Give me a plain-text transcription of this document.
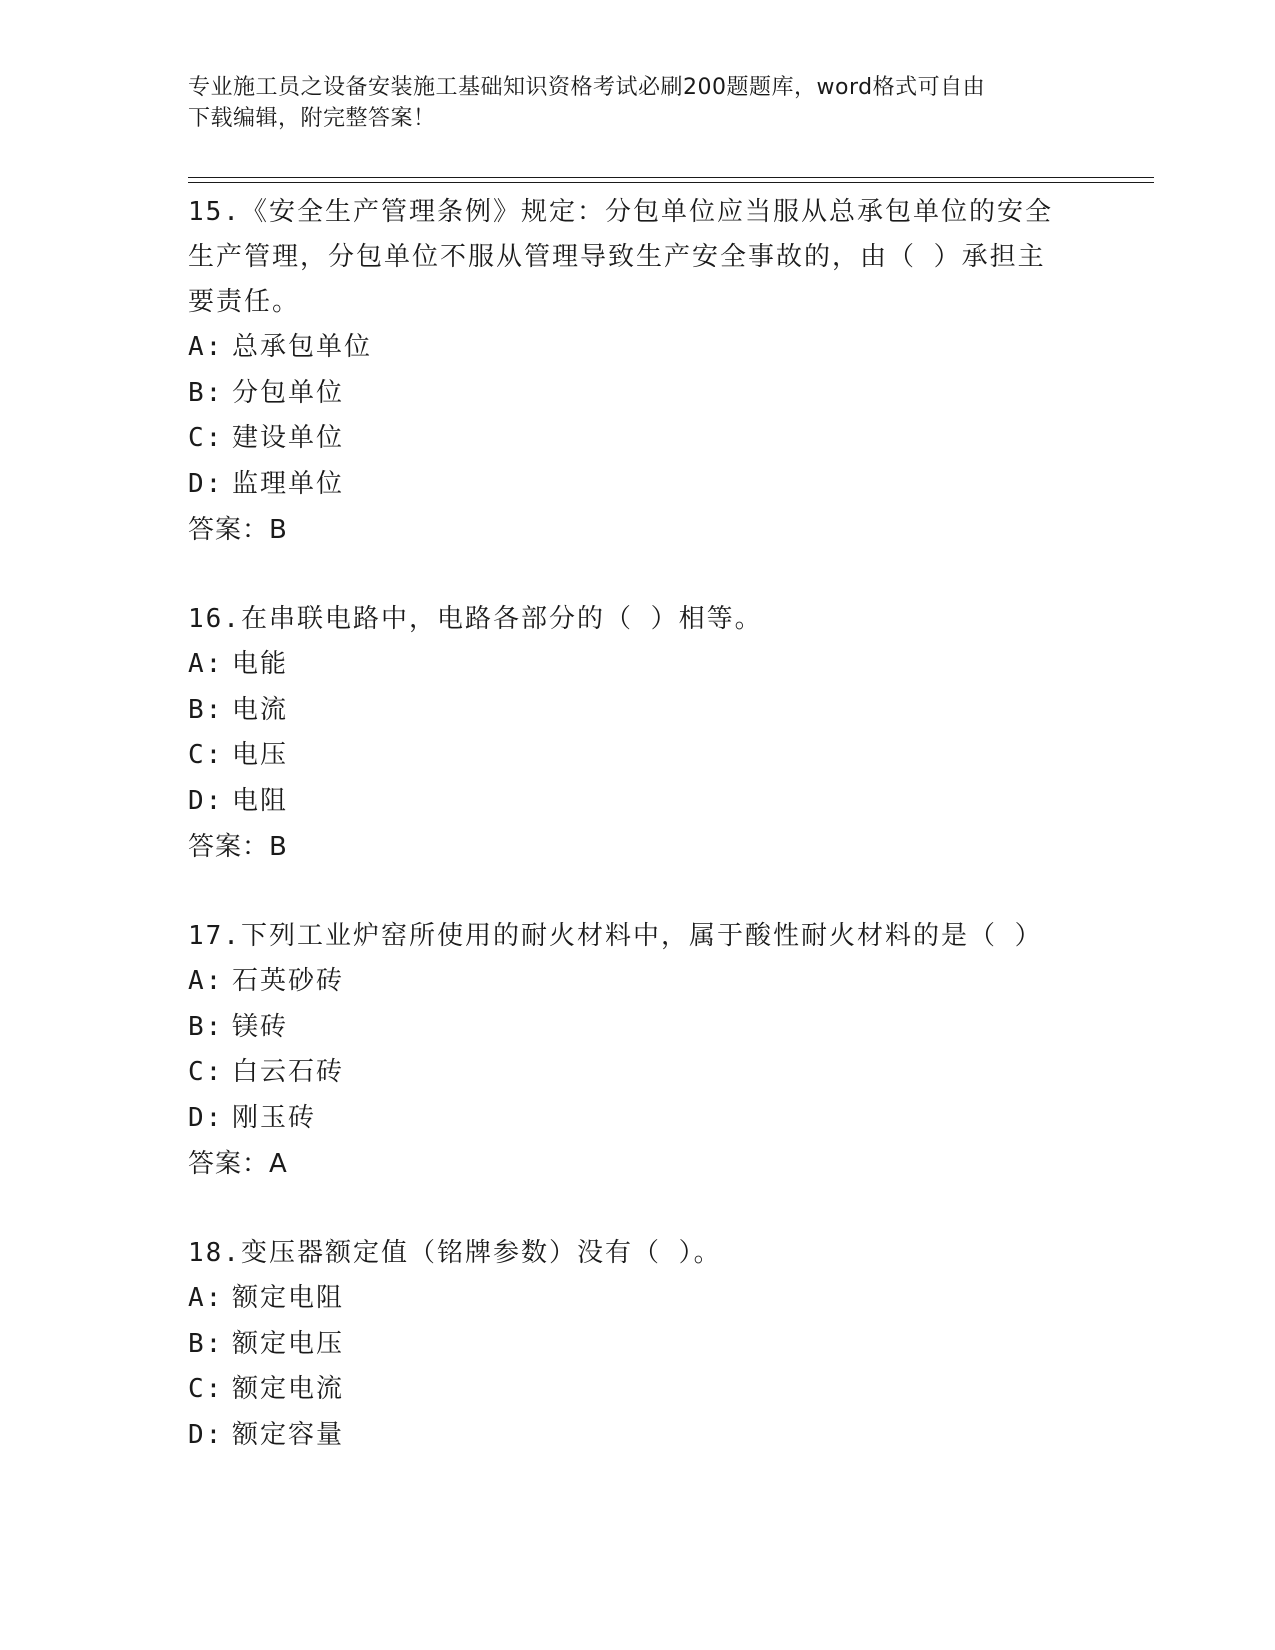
专业施工员之设备安装施工基础知识资格考试必刷200题题库，word格式可自由
下载编辑，附完整答案！
15.《安全生产管理条例》规定：分包单位应当服从总承包单位的安全
生产管理，分包单位不服从管理导致生产安全事故的，由（ ）承担主
要责任。
A: 总承包单位
B: 分包单位
C: 建设单位
D: 监理单位
答案：B
16.在串联电路中，电路各部分的（ ）相等。
A: 电能
B: 电流
C: 电压
D: 电阻
答案：B
17.下列工业炉窑所使用的耐火材料中，属于酸性耐火材料的是（ ）
A: 石英砂砖
B: 镁砖
C: 白云石砖
D: 刚玉砖
答案：A
18.变压器额定值（铭牌参数）没有（ ）。
A: 额定电阻
B: 额定电压
C: 额定电流
D: 额定容量
